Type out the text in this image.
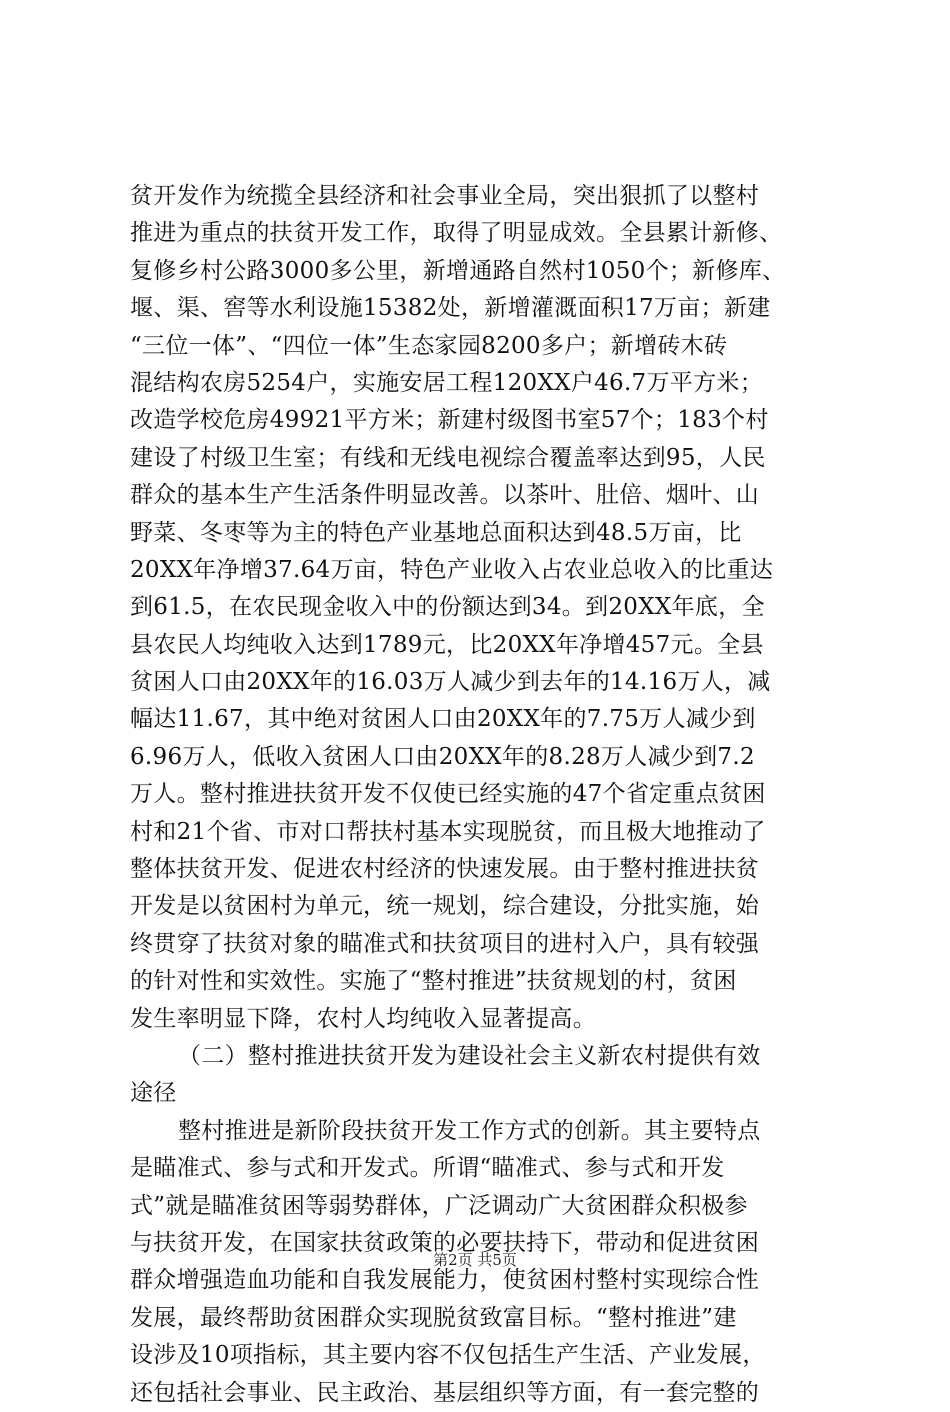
贫开发作为统揽全县经济和社会事业全局，突出狠抓了以整村
推进为重点的扶贫开发工作，取得了明显成效。全县累计新修、
复修乡村公路3000多公里，新增通路自然村1050个；新修库、
堰、渠、窖等水利设施15382处，新增灌溉面积17万亩；新建
“三位一体”、“四位一体”生态家园8200多户；新增砖木砖
混结构农房5254户，实施安居工程120XX户46.7万平方米；
改造学校危房49921平方米；新建村级图书室57个；183个村
建设了村级卫生室；有线和无线电视综合覆盖率达到95，人民
群众的基本生产生活条件明显改善。以茶叶、肚倍、烟叶、山
野菜、冬枣等为主的特色产业基地总面积达到48.5万亩，比
20XX年净增37.64万亩，特色产业收入占农业总收入的比重达
到61.5，在农民现金收入中的份额达到34。到20XX年底，全
县农民人均纯收入达到1789元，比20XX年净增457元。全县
贫困人口由20XX年的16.03万人减少到去年的14.16万人，减
幅达11.67，其中绝对贫困人口由20XX年的7.75万人减少到
6.96万人，低收入贫困人口由20XX年的8.28万人减少到7.2
万人。整村推进扶贫开发不仅使已经实施的47个省定重点贫困
村和21个省、市对口帮扶村基本实现脱贫，而且极大地推动了
整体扶贫开发、促进农村经济的快速发展。由于整村推进扶贫
开发是以贫困村为单元，统一规划，综合建设，分批实施，始
终贯穿了扶贫对象的瞄准式和扶贫项目的进村入户，具有较强
的针对性和实效性。实施了“整村推进”扶贫规划的村，贫困
发生率明显下降，农村人均纯收入显著提高。
（二）整村推进扶贫开发为建设社会主义新农村提供有效
途径
整村推进是新阶段扶贫开发工作方式的创新。其主要特点
是瞄准式、参与式和开发式。所谓“瞄准式、参与式和开发
式”就是瞄准贫困等弱势群体，广泛调动广大贫困群众积极参
与扶贫开发，在国家扶贫政策的必要扶持下，带动和促进贫困
群众增强造血功能和自我发展能力，使贫困村整村实现综合性
发展，最终帮助贫困群众实现脱贫致富目标。“整村推进”建
设涉及10项指标，其主要内容不仅包括生产生活、产业发展，
还包括社会事业、民主政治、基层组织等方面，有一套完整的
第2页 共5页
